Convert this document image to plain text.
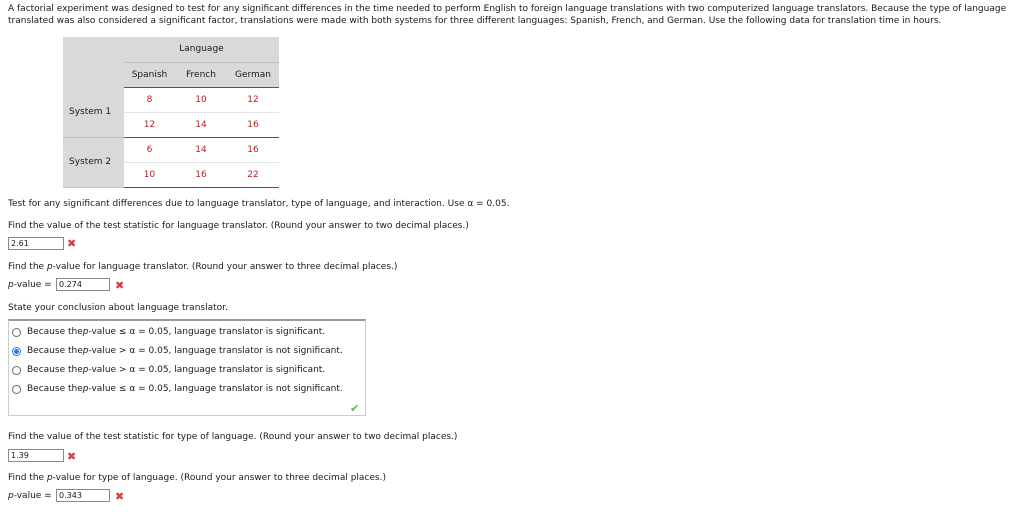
A factorial experiment was designed to test for any significant differences in the time needed to perform English to foreign language translations with two computerized language translators. Because the type of language translated was also considered a significant factor, translations were made with both systems for three different languages: Spanish, French, and German. Use the following data for translation time in hours.

	Language		
	Spanish	French	German
System 1	8	10	12
	12	14	16
System 2	6	14	16
	10	16	22

Test for any significant differences due to language translator, type of language, and interaction. Use α = 0.05.

Find the value of the test statistic for language translator. (Round your answer to two decimal places.)

2.61	✖

Find the p-value for language translator. (Round your answer to three decimal places.)

p-value = 0.274	✖

State your conclusion about language translator.

Because the p -value ≤ α = 0.05, language translator is significant.
Because the p -value > α = 0.05, language translator is not significant.
Because the p -value > α = 0.05, language translator is significant.
Because the p -value ≤ α = 0.05, language translator is not significant.
✔

Find the value of the test statistic for type of language. (Round your answer to two decimal places.)

1.39	✖

Find the p-value for type of language. (Round your answer to three decimal places.)

p-value = 0.343	✖
